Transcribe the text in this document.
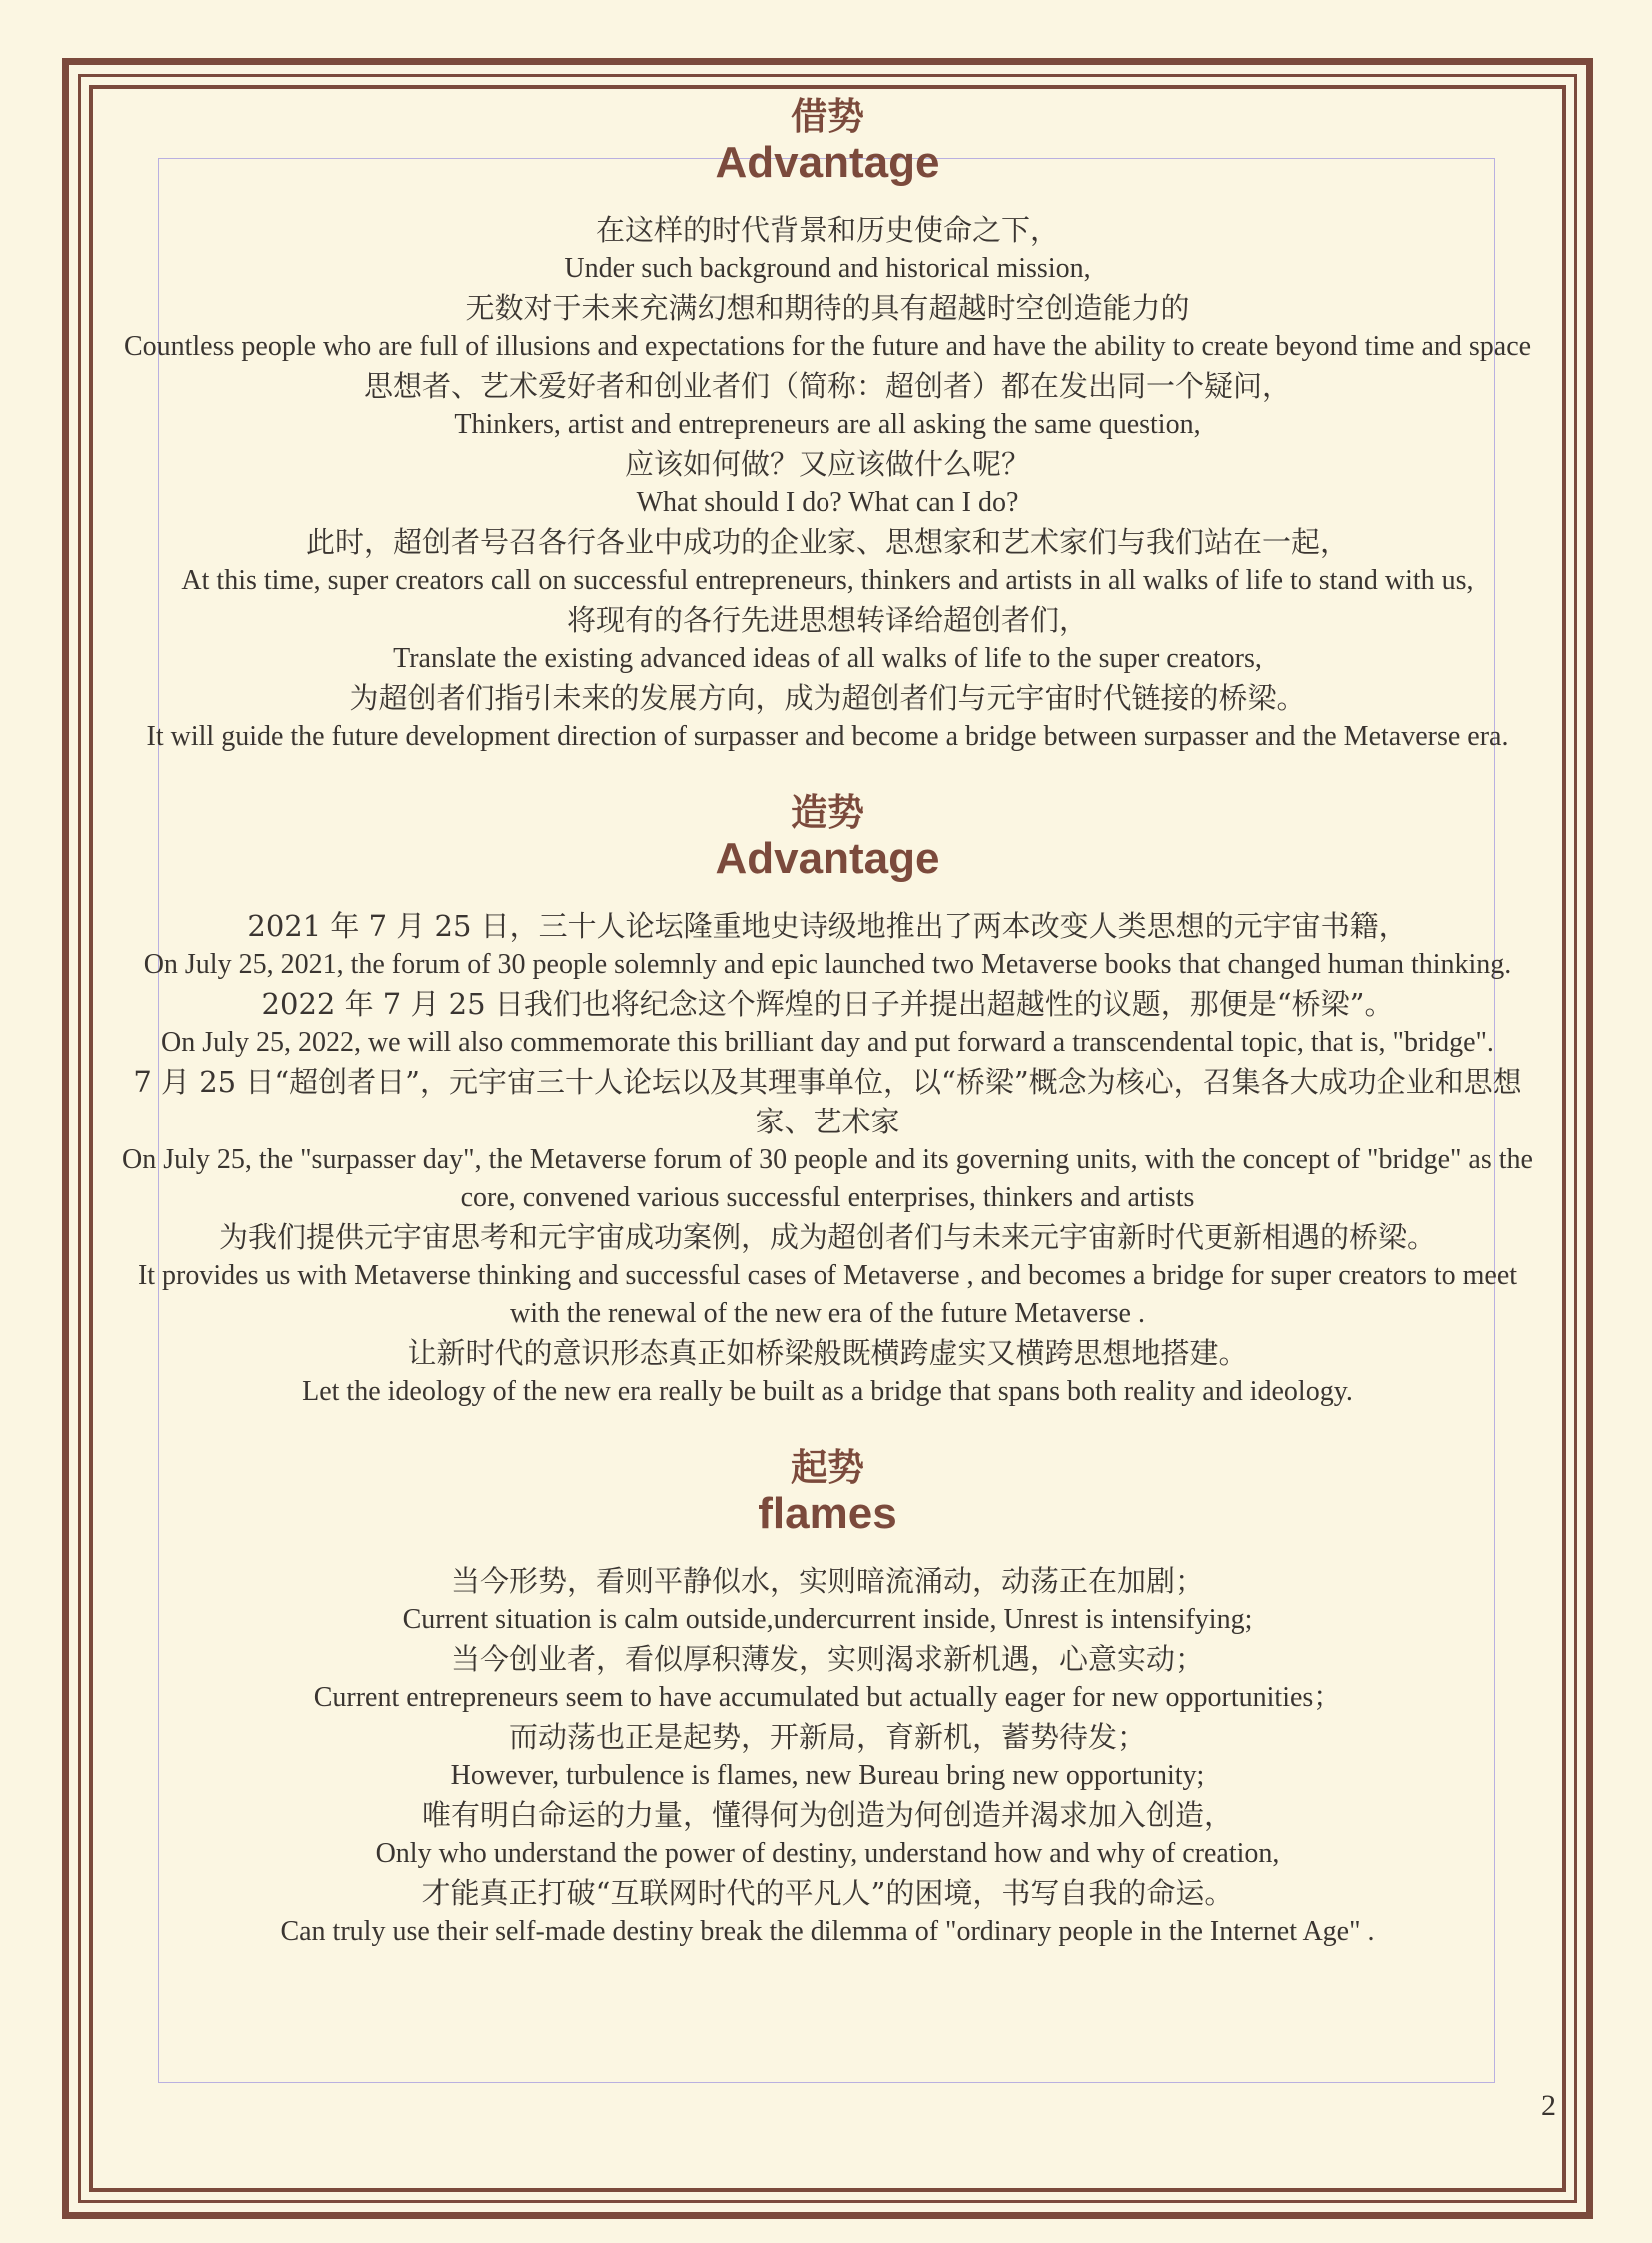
借势
Advantage
在这样的时代背景和历史使命之下，
Under such background and historical mission,
无数对于未来充满幻想和期待的具有超越时空创造能力的
Countless people who are full of illusions and expectations for the future and have the ability to create beyond time and space
思想者、艺术爱好者和创业者们（简称：超创者）都在发出同一个疑问，
Thinkers, artist and entrepreneurs are all asking the same question,
应该如何做？又应该做什么呢？
What should I do? What can I do?
此时，超创者号召各行各业中成功的企业家、思想家和艺术家们与我们站在一起，
At this time, super creators call on successful entrepreneurs, thinkers and artists in all walks of life to stand with us,
将现有的各行先进思想转译给超创者们，
Translate the existing advanced ideas of all walks of life to the super creators,
为超创者们指引未来的发展方向，成为超创者们与元宇宙时代链接的桥梁。
It will guide the future development direction of surpasser and become a bridge between surpasser and the Metaverse era.
造势
Advantage
2021 年 7 月 25 日，三十人论坛隆重地史诗级地推出了两本改变人类思想的元宇宙书籍，
On July 25, 2021, the forum of 30 people solemnly and epic launched two Metaverse books that changed human thinking.
2022 年 7 月 25 日我们也将纪念这个辉煌的日子并提出超越性的议题，那便是“桥梁”。
On July 25, 2022, we will also commemorate this brilliant day and put forward a transcendental topic, that is, "bridge".
7 月 25 日“超创者日”，元宇宙三十人论坛以及其理事单位，以“桥梁”概念为核心，召集各大成功企业和思想家、艺术家
On July 25, the "surpasser day", the Metaverse forum of 30 people and its governing units, with the concept of "bridge" as the core, convened various successful enterprises, thinkers and artists
为我们提供元宇宙思考和元宇宙成功案例，成为超创者们与未来元宇宙新时代更新相遇的桥梁。
It provides us with Metaverse thinking and successful cases of Metaverse , and becomes a bridge for super creators to meet with the renewal of the new era of the future Metaverse .
让新时代的意识形态真正如桥梁般既横跨虚实又横跨思想地搭建。
Let the ideology of the new era really be built as a bridge that spans both reality and ideology.
起势
flames
当今形势，看则平静似水，实则暗流涌动，动荡正在加剧；
Current situation is calm outside,undercurrent inside, Unrest is intensifying;
当今创业者，看似厚积薄发，实则渴求新机遇，心意实动；
Current entrepreneurs seem to have accumulated but actually eager for new opportunities；
而动荡也正是起势，开新局，育新机，蓄势待发；
However, turbulence is flames, new Bureau bring new opportunity;
唯有明白命运的力量，懂得何为创造为何创造并渴求加入创造，
Only who understand the power of destiny, understand how and why of creation,
才能真正打破“互联网时代的平凡人”的困境，书写自我的命运。
Can truly use their self-made destiny break the dilemma of "ordinary people in the Internet Age" .
2
